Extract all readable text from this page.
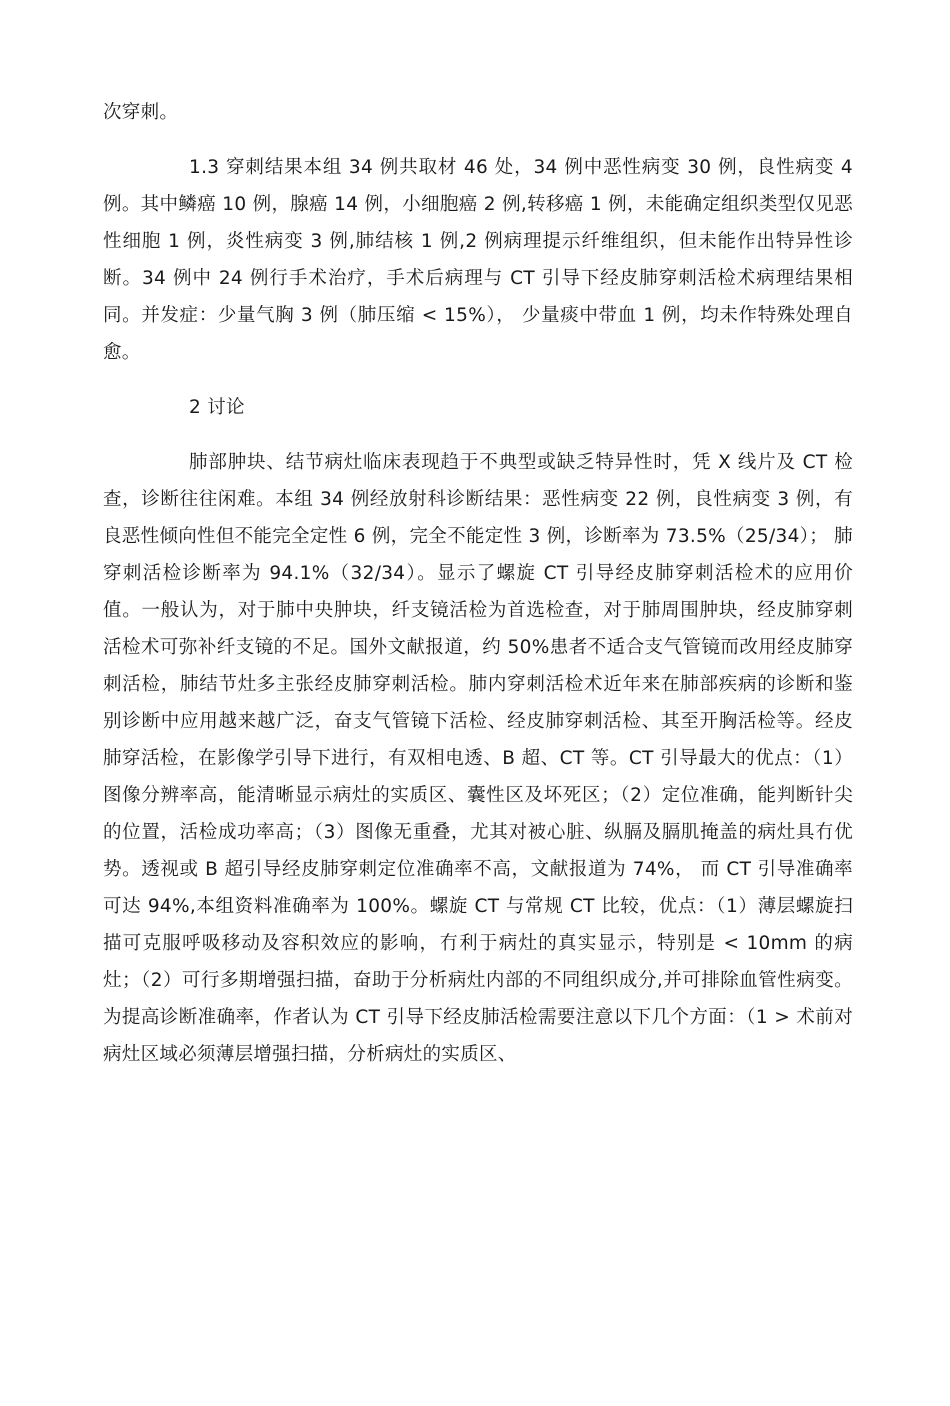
次穿刺。

1.3 穿刺结果本组 34 例共取材 46 处，34 例中恶性病变 30 例，良性病变 4 例。其中鳞癌 10 例，腺癌 14 例，小细胞癌 2 例,转移癌 1 例，未能确定组织类型仅见恶性细胞 1 例，炎性病变 3 例,肺结核 1 例,2 例病理提示纤维组织，但未能作出特异性诊断。34 例中 24 例行手术治疗，手术后病理与 CT 引导下经皮肺穿刺活检术病理结果相同。并发症：少量气胸 3 例（肺压缩 < 15%）， 少量痰中带血 1 例，均未作特殊处理自愈。

2 讨论

肺部肿块、结节病灶临床表现趋于不典型或缺乏特异性时，凭 X 线片及 CT 检查，诊断往往闲难。本组 34 例经放射科诊断结果：恶性病变 22 例，良性病变 3 例，有良恶性倾向性但不能完全定性 6 例，完全不能定性 3 例，诊断率为 73.5%（25/34）； 肺穿刺活检诊断率为 94.1%（32/34）。显示了螺旋 CT 引导经皮肺穿刺活检术的应用价值。一般认为，对于肺中央肿块，纤支镜活检为首选检查，对于肺周围肿块，经皮肺穿刺活检术可弥补纤支镜的不足。国外文献报道，约 50%患者不适合支气管镜而改用经皮肺穿刺活检，肺结节灶多主张经皮肺穿刺活检。肺内穿刺活检术近年来在肺部疾病的诊断和鉴别诊断中应用越来越广泛，奋支气管镜下活检、经皮肺穿刺活检、其至开胸活检等。经皮肺穿活检，在影像学引导下进行，有双相电透、B 超、CT 等。CT 引导最大的优点：（1）图像分辨率高，能清晰显示病灶的实质区、囊性区及坏死区；（2）定位准确，能判断针尖的位置，活检成功率高；（3）图像无重叠，尤其对被心脏、纵膈及膈肌掩盖的病灶具冇优势。透视或 B 超引导经皮肺穿刺定位准确率不高，文献报道为 74%， 而 CT 引导准确率可达 94%,本组资料准确率为 100%。螺旋 CT 与常规 CT 比较，优点：（1）薄层螺旋扫描可克服呼吸移动及容积效应的影响，冇利于病灶的真实显示，特别是 < 10mm 的病灶；（2）可行多期增强扫描，奋助于分析病灶内部的不同组织成分,并可排除血管性病变。为提高诊断准确率，作者认为 CT 引导下经皮肺活检需要注意以下几个方面：（1 > 术前对病灶区域必须薄层增强扫描，分析病灶的实质区、
